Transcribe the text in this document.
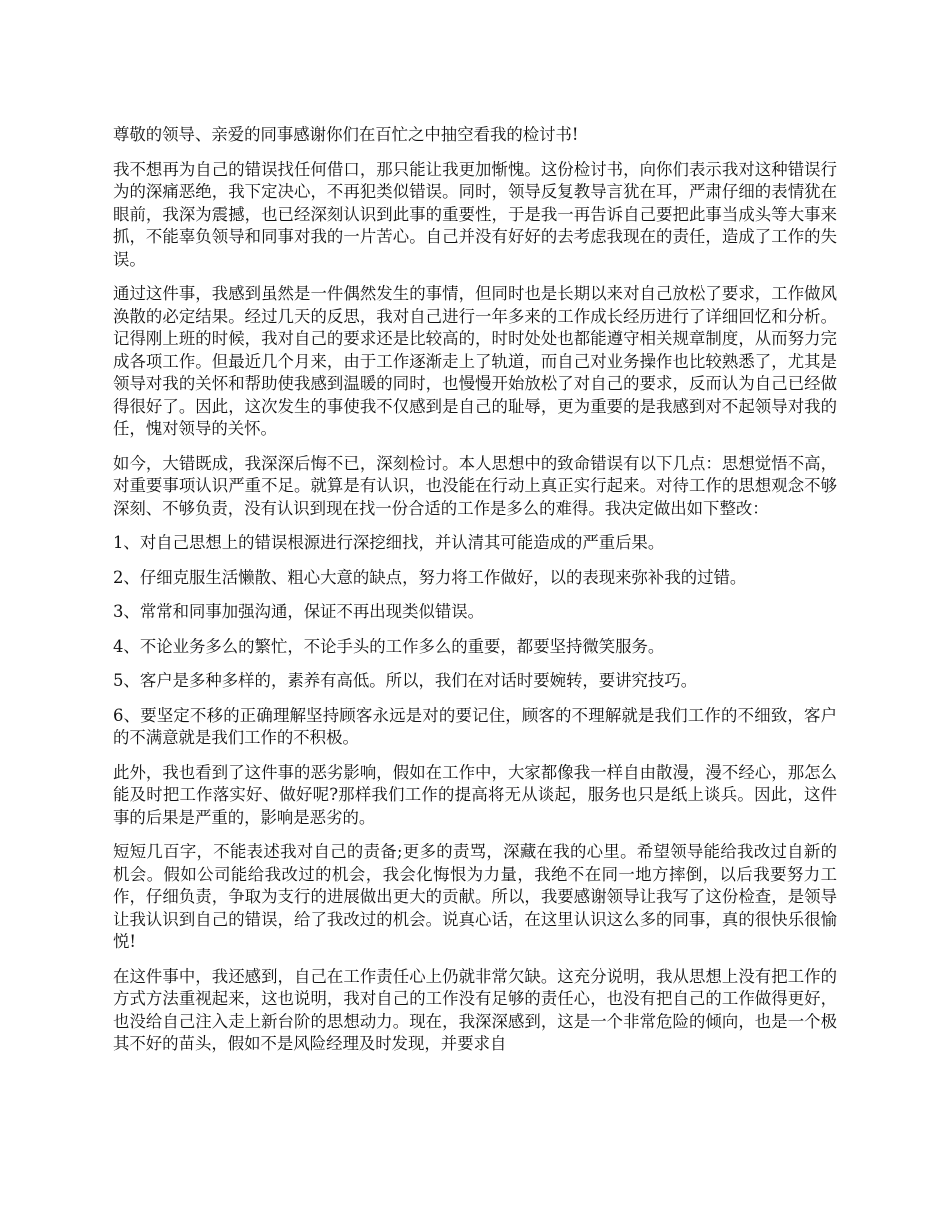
尊敬的领导、亲爱的同事感谢你们在百忙之中抽空看我的检讨书!

我不想再为自己的错误找任何借口，那只能让我更加惭愧。这份检讨书，向你们表示我对这种错误行为的深痛恶绝，我下定决心，不再犯类似错误。同时，领导反复教导言犹在耳，严肃仔细的表情犹在眼前，我深为震撼，也已经深刻认识到此事的重要性，于是我一再告诉自己要把此事当成头等大事来抓，不能辜负领导和同事对我的一片苦心。自己并没有好好的去考虑我现在的责任，造成了工作的失误。

通过这件事，我感到虽然是一件偶然发生的事情，但同时也是长期以来对自己放松了要求，工作做风涣散的必定结果。经过几天的反思，我对自己进行一年多来的工作成长经历进行了详细回忆和分析。记得刚上班的时候，我对自己的要求还是比较高的，时时处处也都能遵守相关规章制度，从而努力完成各项工作。但最近几个月来，由于工作逐渐走上了轨道，而自己对业务操作也比较熟悉了，尤其是领导对我的关怀和帮助使我感到温暖的同时，也慢慢开始放松了对自己的要求，反而认为自己已经做得很好了。因此，这次发生的事使我不仅感到是自己的耻辱，更为重要的是我感到对不起领导对我的任，愧对领导的关怀。

如今，大错既成，我深深后悔不已，深刻检讨。本人思想中的致命错误有以下几点：思想觉悟不高，对重要事项认识严重不足。就算是有认识，也没能在行动上真正实行起来。对待工作的思想观念不够深刻、不够负责，没有认识到现在找一份合适的工作是多么的难得。我决定做出如下整改：

1、对自己思想上的错误根源进行深挖细找，并认清其可能造成的严重后果。

2、仔细克服生活懒散、粗心大意的缺点，努力将工作做好，以的表现来弥补我的过错。

3、常常和同事加强沟通，保证不再出现类似错误。

4、不论业务多么的繁忙，不论手头的工作多么的重要，都要坚持微笑服务。

5、客户是多种多样的，素养有高低。所以，我们在对话时要婉转，要讲究技巧。

6、要坚定不移的正确理解坚持顾客永远是对的要记住，顾客的不理解就是我们工作的不细致，客户的不满意就是我们工作的不积极。

此外，我也看到了这件事的恶劣影响，假如在工作中，大家都像我一样自由散漫，漫不经心，那怎么能及时把工作落实好、做好呢?那样我们工作的提高将无从谈起，服务也只是纸上谈兵。因此，这件事的后果是严重的，影响是恶劣的。

短短几百字，不能表述我对自己的责备;更多的责骂，深藏在我的心里。希望领导能给我改过自新的机会。假如公司能给我改过的机会，我会化悔恨为力量，我绝不在同一地方摔倒，以后我要努力工作，仔细负责，争取为支行的进展做出更大的贡献。所以，我要感谢领导让我写了这份检查，是领导让我认识到自己的错误，给了我改过的机会。说真心话，在这里认识这么多的同事，真的很快乐很愉悦!

在这件事中，我还感到，自己在工作责任心上仍就非常欠缺。这充分说明，我从思想上没有把工作的方式方法重视起来，这也说明，我对自己的工作没有足够的责任心，也没有把自己的工作做得更好，也没给自己注入走上新台阶的思想动力。现在，我深深感到，这是一个非常危险的倾向，也是一个极其不好的苗头，假如不是风险经理及时发现，并要求自
